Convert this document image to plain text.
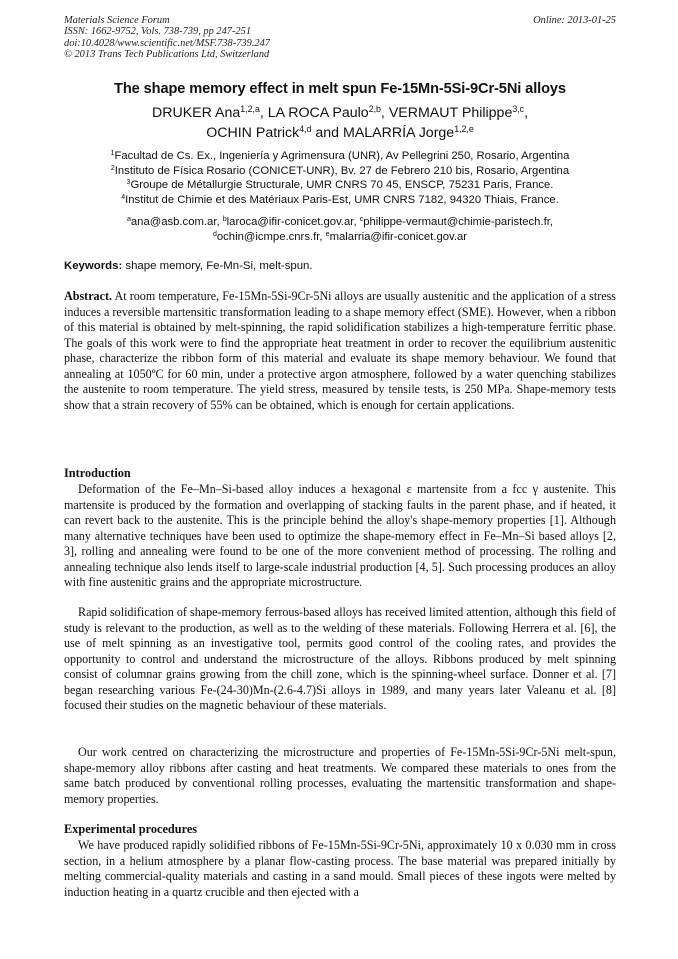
Materials Science Forum
ISSN: 1662-9752, Vols. 738-739, pp 247-251
doi:10.4028/www.scientific.net/MSF.738-739.247
© 2013 Trans Tech Publications Ltd, Switzerland
Online: 2013-01-25
The shape memory effect in melt spun Fe-15Mn-5Si-9Cr-5Ni alloys
DRUKER Ana$^{1,2,a}$, LA ROCA Paulo$^{2,b}$, VERMAUT Philippe$^{3,c}$,
OCHIN Patrick$^{4,d}$ and MALARRÍA Jorge$^{1,2,e}$
$^1$Facultad de Cs. Ex., Ingeniería y Agrimensura (UNR), Av Pellegrini 250, Rosario, Argentina
$^2$Instituto de Física Rosario (CONICET-UNR), Bv. 27 de Febrero 210 bis, Rosario, Argentina
$^3$Groupe de Métallurgie Structurale, UMR CNRS 70 45, ENSCP, 75231 Paris, France.
$^4$Institut de Chimie et des Matériaux Paris-Est, UMR CNRS 7182, 94320 Thiais, France.
$^a$ana@asb.com.ar, $^b$laroca@ifir-conicet.gov.ar, $^c$philippe-vermaut@chimie-paristech.fr,
$^d$ochin@icmpe.cnrs.fr, $^e$malarria@ifir-conicet.gov.ar
Keywords: shape memory, Fe-Mn-Si, melt-spun.
Abstract. At room temperature, Fe-15Mn-5Si-9Cr-5Ni alloys are usually austenitic and the application of a stress induces a reversible martensitic transformation leading to a shape memory effect (SME). However, when a ribbon of this material is obtained by melt-spinning, the rapid solidification stabilizes a high-temperature ferritic phase. The goals of this work were to find the appropriate heat treatment in order to recover the equilibrium austenitic phase, characterize the ribbon form of this material and evaluate its shape memory behaviour. We found that annealing at 1050ºC for 60 min, under a protective argon atmosphere, followed by a water quenching stabilizes the austenite to room temperature. The yield stress, measured by tensile tests, is 250 MPa. Shape-memory tests show that a strain recovery of 55% can be obtained, which is enough for certain applications.
Introduction
Deformation of the Fe–Mn–Si-based alloy induces a hexagonal ε martensite from a fcc γ austenite. This martensite is produced by the formation and overlapping of stacking faults in the parent phase, and if heated, it can revert back to the austenite. This is the principle behind the alloy's shape-memory properties [1]. Although many alternative techniques have been used to optimize the shape-memory effect in Fe–Mn–Si based alloys [2, 3], rolling and annealing were found to be one of the more convenient method of processing. The rolling and annealing technique also lends itself to large-scale industrial production [4, 5]. Such processing produces an alloy with fine austenitic grains and the appropriate microstructure.
Rapid solidification of shape-memory ferrous-based alloys has received limited attention, although this field of study is relevant to the production, as well as to the welding of these materials. Following Herrera et al. [6], the use of melt spinning as an investigative tool, permits good control of the cooling rates, and provides the opportunity to control and understand the microstructure of the alloys. Ribbons produced by melt spinning consist of columnar grains growing from the chill zone, which is the spinning-wheel surface. Donner et al. [7] began researching various Fe-(24-30)Mn-(2.6-4.7)Si alloys in 1989, and many years later Valeanu et al. [8] focused their studies on the magnetic behaviour of these materials.
Our work centred on characterizing the microstructure and properties of Fe-15Mn-5Si-9Cr-5Ni melt-spun, shape-memory alloy ribbons after casting and heat treatments. We compared these materials to ones from the same batch produced by conventional rolling processes, evaluating the martensitic transformation and shape-memory properties.
Experimental procedures
We have produced rapidly solidified ribbons of Fe-15Mn-5Si-9Cr-5Ni, approximately 10 x 0.030 mm in cross section, in a helium atmosphere by a planar flow-casting process. The base material was prepared initially by melting commercial-quality materials and casting in a sand mould. Small pieces of these ingots were melted by induction heating in a quartz crucible and then ejected with a
